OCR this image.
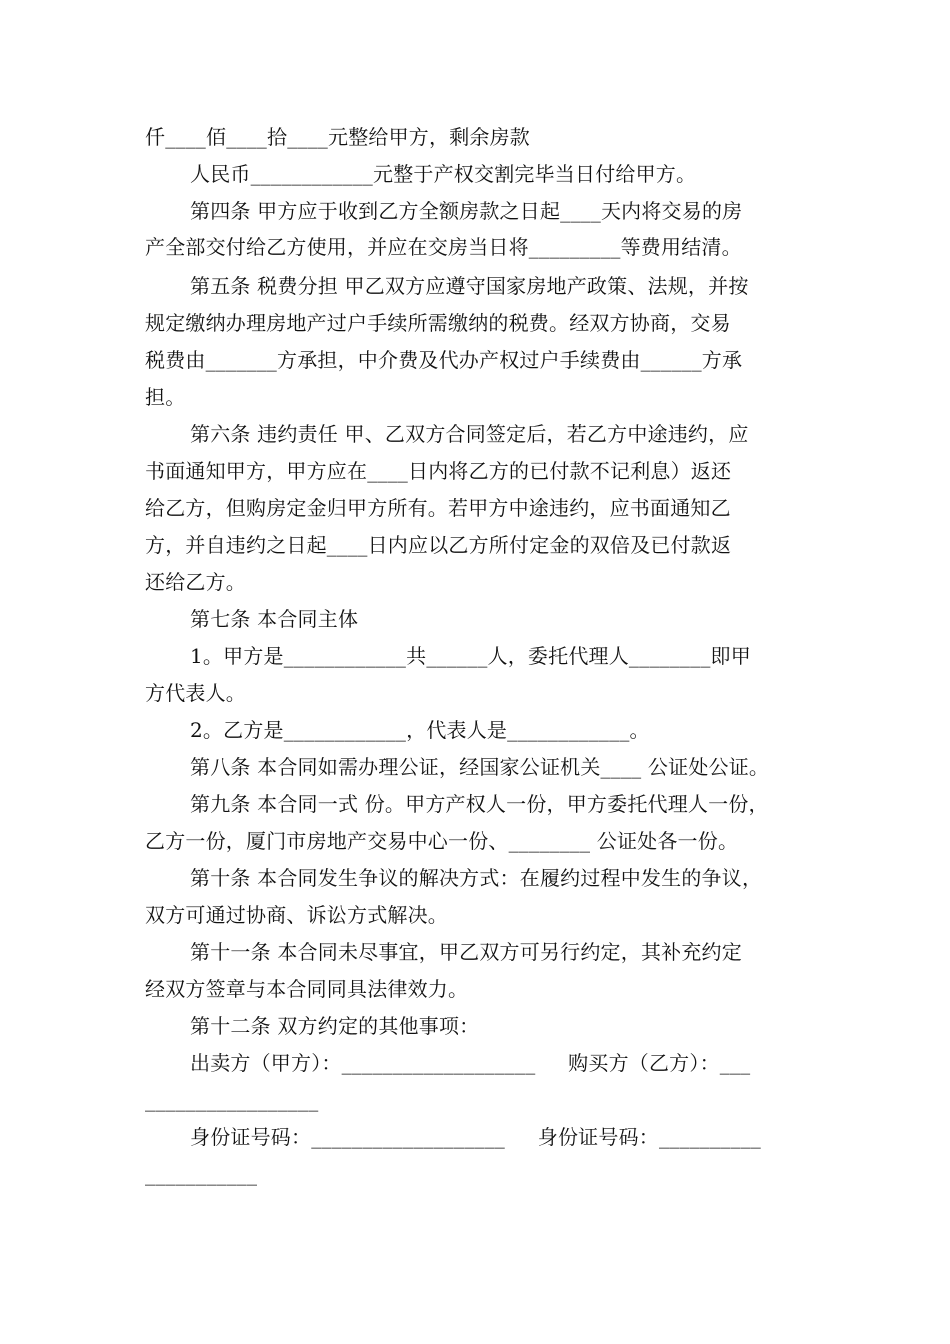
仟____佰____拾____元整给甲方，剩余房款

人民币____________元整于产权交割完毕当日付给甲方。

第四条 甲方应于收到乙方全额房款之日起____天内将交易的房

产全部交付给乙方使用，并应在交房当日将_________等费用结清。

第五条 税费分担 甲乙双方应遵守国家房地产政策、法规，并按

规定缴纳办理房地产过户手续所需缴纳的税费。经双方协商，交易

税费由_______方承担，中介费及代办产权过户手续费由______方承

担。

第六条 违约责任 甲、乙双方合同签定后，若乙方中途违约，应

书面通知甲方，甲方应在____日内将乙方的已付款不记利息）返还

给乙方，但购房定金归甲方所有。若甲方中途违约，应书面通知乙

方，并自违约之日起____日内应以乙方所付定金的双倍及已付款返

还给乙方。

第七条 本合同主体

1。甲方是____________共______人，委托代理人________即甲

方代表人。

2。乙方是____________，代表人是____________。

第八条 本合同如需办理公证，经国家公证机关____ 公证处公证。

第九条 本合同一式 份。甲方产权人一份，甲方委托代理人一份，

乙方一份，厦门市房地产交易中心一份、________ 公证处各一份。

第十条 本合同发生争议的解决方式：在履约过程中发生的争议，

双方可通过协商、诉讼方式解决。

第十一条 本合同未尽事宜，甲乙双方可另行约定，其补充约定

经双方签章与本合同同具法律效力。

第十二条 双方约定的其他事项：

出卖方（甲方）：___________________     购买方（乙方）：___

_________________

身份证号码：___________________     身份证号码：__________

___________
